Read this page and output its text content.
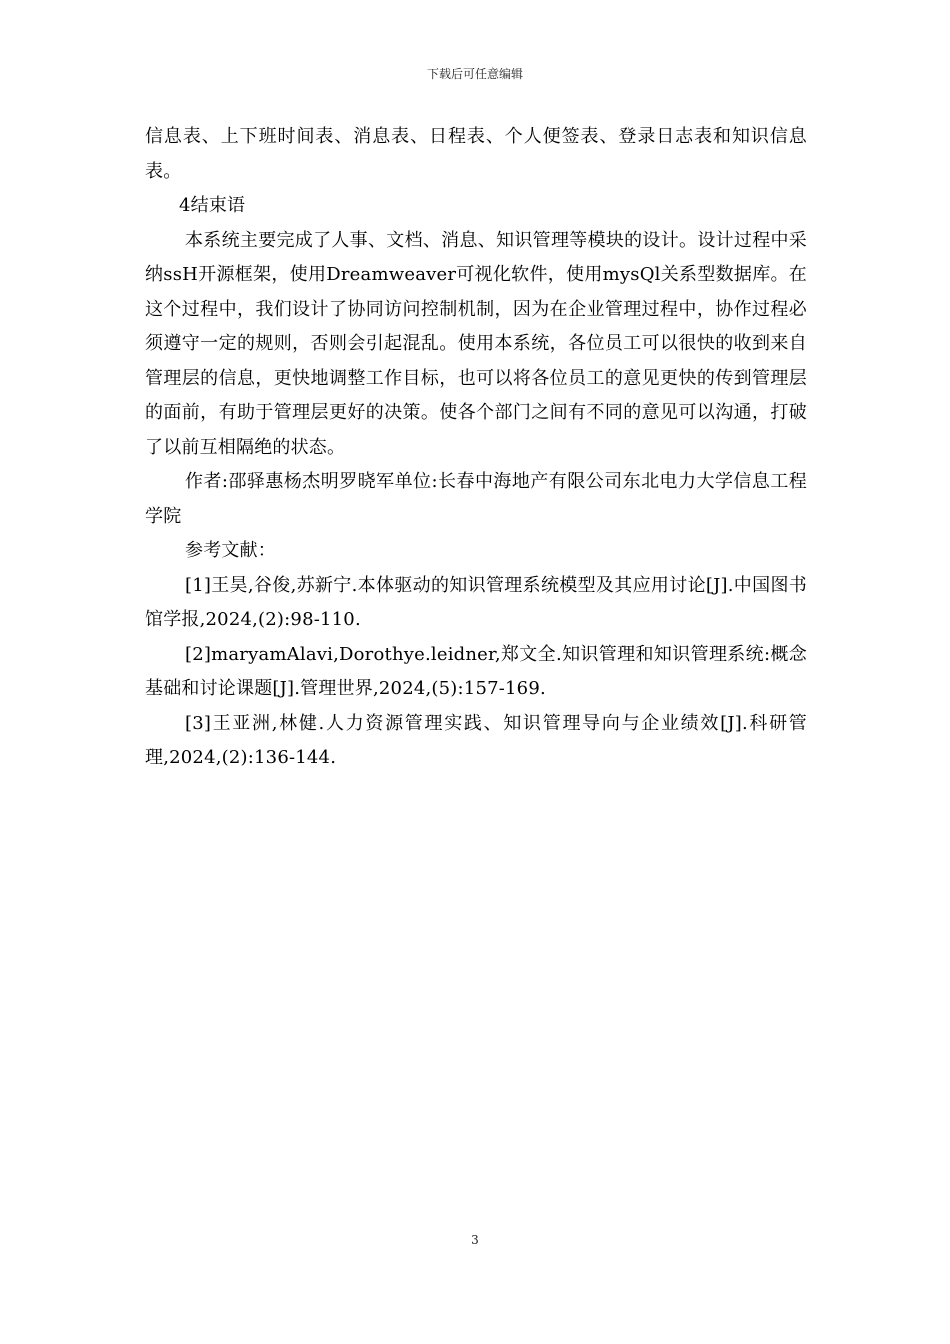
下载后可任意编辑

信息表、上下班时间表、消息表、日程表、个人便签表、登录日志表和知识信息表。

4结束语

本系统主要完成了人事、文档、消息、知识管理等模块的设计。设计过程中采纳ssH开源框架，使用Dreamweaver可视化软件，使用mysQl关系型数据库。在这个过程中，我们设计了协同访问控制机制，因为在企业管理过程中，协作过程必须遵守一定的规则，否则会引起混乱。使用本系统，各位员工可以很快的收到来自管理层的信息，更快地调整工作目标，也可以将各位员工的意见更快的传到管理层的面前，有助于管理层更好的决策。使各个部门之间有不同的意见可以沟通，打破了以前互相隔绝的状态。

作者:邵驿惠杨杰明罗晓军单位:长春中海地产有限公司东北电力大学信息工程学院

参考文献：

[1]王昊,谷俊,苏新宁.本体驱动的知识管理系统模型及其应用讨论[J].中国图书馆学报,2024,(2):98-110.

[2]maryamAlavi,Dorothye.leidner,郑文全.知识管理和知识管理系统:概念基础和讨论课题[J].管理世界,2024,(5):157-169.

[3]王亚洲,林健.人力资源管理实践、知识管理导向与企业绩效[J].科研管理,2024,(2):136-144.

3
